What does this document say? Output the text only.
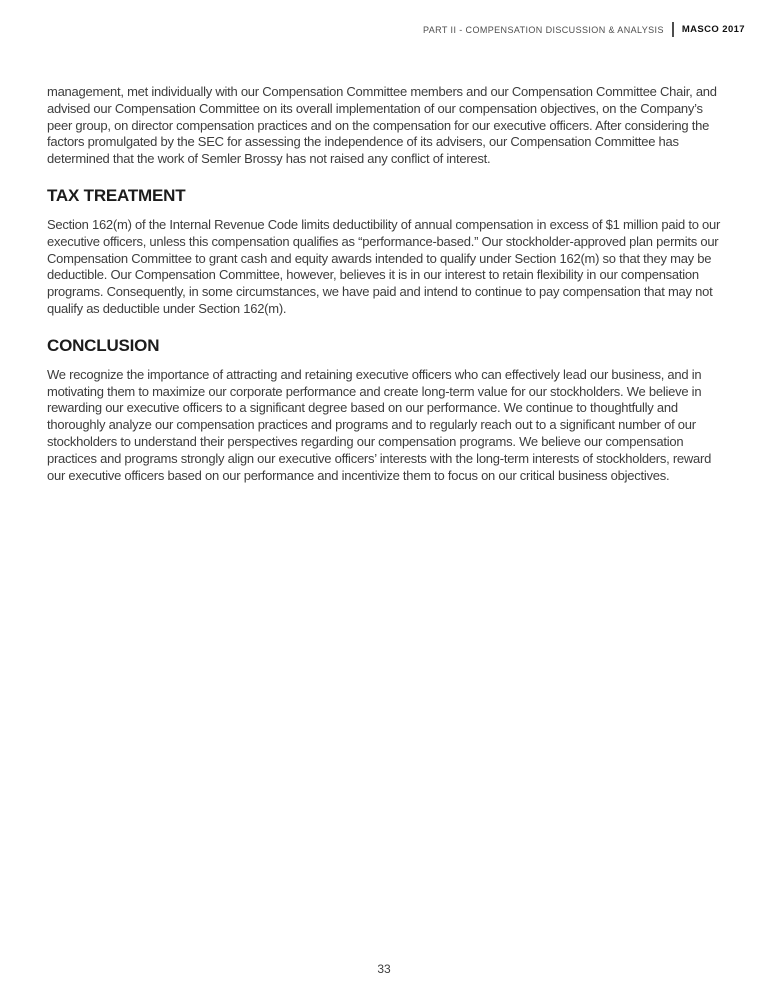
PART II - COMPENSATION DISCUSSION & ANALYSIS MASCO 2017

management, met individually with our Compensation Committee members and our Compensation Committee Chair, and advised our Compensation Committee on its overall implementation of our compensation objectives, on the Company’s peer group, on director compensation practices and on the compensation for our executive officers. After considering the factors promulgated by the SEC for assessing the independence of its advisers, our Compensation Committee has determined that the work of Semler Brossy has not raised any conflict of interest.

TAX TREATMENT

Section 162(m) of the Internal Revenue Code limits deductibility of annual compensation in excess of $1 million paid to our executive officers, unless this compensation qualifies as “performance-based.” Our stockholder-approved plan permits our Compensation Committee to grant cash and equity awards intended to qualify under Section 162(m) so that they may be deductible. Our Compensation Committee, however, believes it is in our interest to retain flexibility in our compensation programs. Consequently, in some circumstances, we have paid and intend to continue to pay compensation that may not qualify as deductible under Section 162(m).

CONCLUSION

We recognize the importance of attracting and retaining executive officers who can effectively lead our business, and in motivating them to maximize our corporate performance and create long-term value for our stockholders. We believe in rewarding our executive officers to a significant degree based on our performance. We continue to thoughtfully and thoroughly analyze our compensation practices and programs and to regularly reach out to a significant number of our stockholders to understand their perspectives regarding our compensation programs. We believe our compensation practices and programs strongly align our executive officers’ interests with the long-term interests of stockholders, reward our executive officers based on our performance and incentivize them to focus on our critical business objectives.

33
